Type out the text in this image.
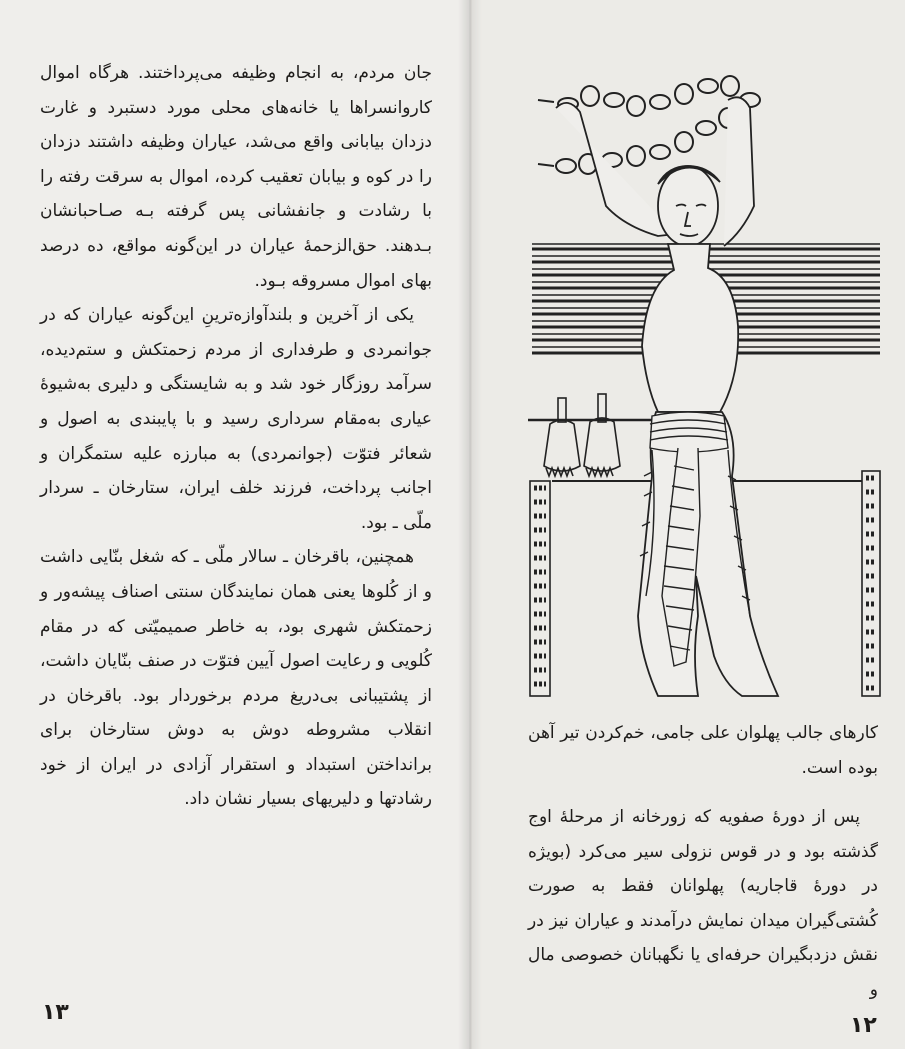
جان مردم، به انجام وظیفه می‌پرداختند. هرگاه اموال کاروانسراها یا خانه‌های محلی مورد دستبرد و غارت دزدان بیابانی واقع می‌شد، عیاران وظیفه داشتند دزدان را در کوه و بیابان تعقیب کرده، اموال به سرقت رفته را با رشادت و جانفشانی پس گرفته بـه صـاحبانشان بـدهند. حق‌الزحمهٔ عیاران در این‌گونه مواقع، ده درصد بهای اموال مسروقه بـود.

یکی از آخرین و بلندآوازه‌ترینِ این‌گونه عیاران که در جوانمردی و طرفداری از مردم زحمتکش و ستم‌دیده، سرآمد روزگار خود شد و به شایستگی و دلیری به‌شیوهٔ عیاری به‌مقام سرداری رسید و با پایبندی به اصول و شعائر فتوّت (جوانمردی) به مبارزه علیه ستمگران و اجانب پرداخت، فرزند خلف ایران، ستارخان ـ سردار ملّی ـ بود.

همچنین، باقرخان ـ سالار ملّی ـ که شغل بنّایی داشت و از کُلوها یعنی همان نمایندگان سنتی اصناف پیشه‌ور و زحمتکش شهری بود، به خاطر صمیمیّتی که در مقام کُلویی و رعایت اصول آیین فتوّت در صنف بنّایان داشت، از پشتیبانی بی‌دریغ مردم برخوردار بود. باقرخان در انقلاب مشروطه دوش به دوش ستارخان برای برانداختن استبداد و استقرار آزادی در ایران از خود رشادتها و دلیریهای بسیار نشان داد.

۱۳
کارهای جالب پهلوان علی جامی، خم‌کردن تیر آهن بوده است.

پس از دورهٔ صفویه که زورخانه از مرحلهٔ اوج گذشته بود و در قوس نزولی سیر می‌کرد (بویژه در دورهٔ قاجاریه) پهلوانان فقط به صورت کُشتی‌گیران میدان نمایش درآمدند و عیاران نیز در نقش دزدبگیران حرفه‌ای یا نگهبانان خصوصی مال و

۱۲
